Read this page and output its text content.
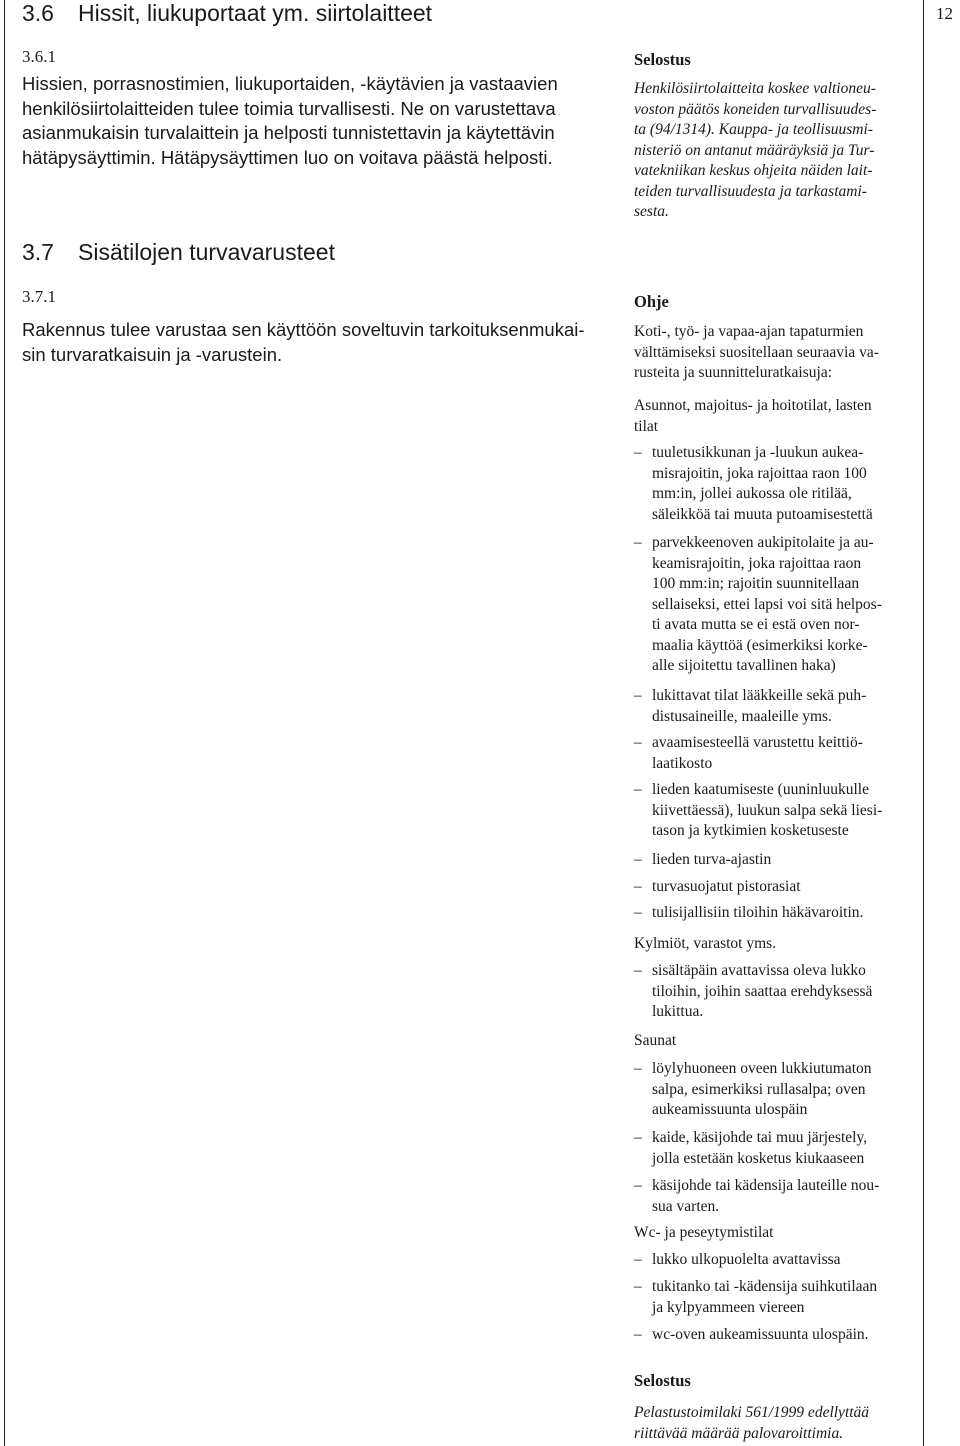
12
3.6 Hissit, liukuportaat ym. siirtolaitteet
3.6.1
Hissien, porrasnostimien, liukuportaiden, -käytävien ja vastaavien
henkilösiirtolaitteiden tulee toimia turvallisesti. Ne on varustettava
asianmukaisin turvalaittein ja helposti tunnistettavin ja käytettävin
hätäpysäyttimin. Hätäpysäyttimen luo on voitava päästä helposti.
3.7 Sisätilojen turvavarusteet
3.7.1
Rakennus tulee varustaa sen käyttöön soveltuvin tarkoituksenmukai-
sin turvaratkaisuin ja -varustein.
Selostus
Henkilösiirtolaitteita koskee valtioneu-
voston päätös koneiden turvallisuudes-
ta (94/1314). Kauppa- ja teollisuusmi-
nisteriö on antanut määräyksiä ja Tur-
vatekniikan keskus ohjeita näiden lait-
teiden turvallisuudesta ja tarkastami-
sesta.
Ohje
Koti-, työ- ja vapaa-ajan tapaturmien
välttämiseksi suositellaan seuraavia va-
rusteita ja suunnitteluratkaisuja:
Asunnot, majoitus- ja hoitotilat, lasten
tilat
– tuuletusikkunan ja -luukun aukea-
misrajoitin, joka rajoittaa raon 100
mm:in, jollei aukossa ole ritilää,
säleikköä tai muuta putoamisestettä
– parvekkeenoven aukipitolaite ja au-
keamisrajoitin, joka rajoittaa raon
100 mm:in; rajoitin suunnitellaan
sellaiseksi, ettei lapsi voi sitä helpos-
ti avata mutta se ei estä oven nor-
maalia käyttöä (esimerkiksi korke-
alle sijoitettu tavallinen haka)
– lukittavat tilat lääkkeille sekä puh-
distusaineille, maaleille yms.
– avaamisesteellä varustettu keittiö-
laatikosto
– lieden kaatumiseste (uuninluukulle
kiivettäessä), luukun salpa sekä liesi-
tason ja kytkimien kosketuseste
– lieden turva-ajastin
– turvasuojatut pistorasiat
– tulisijallisiin tiloihin häkävaroitin.
Kylmiöt, varastot yms.
– sisältäpäin avattavissa oleva lukko
tiloihin, joihin saattaa erehdyksessä
lukittua.
Saunat
– löylyhuoneen oveen lukkiutumaton
salpa, esimerkiksi rullasalpa; oven
aukeamissuunta ulospäin
– kaide, käsijohde tai muu järjestely,
jolla estetään kosketus kiukaaseen
– käsijohde tai kädensija lauteille nou-
sua varten.
Wc- ja peseytymistilat
– lukko ulkopuolelta avattavissa
– tukitanko tai -kädensija suihkutilaan
ja kylpyammeen viereen
– wc-oven aukeamissuunta ulospäin.
Selostus
Pelastustoimilaki 561/1999 edellyttää
riittävää määrää palovaroittimia.
